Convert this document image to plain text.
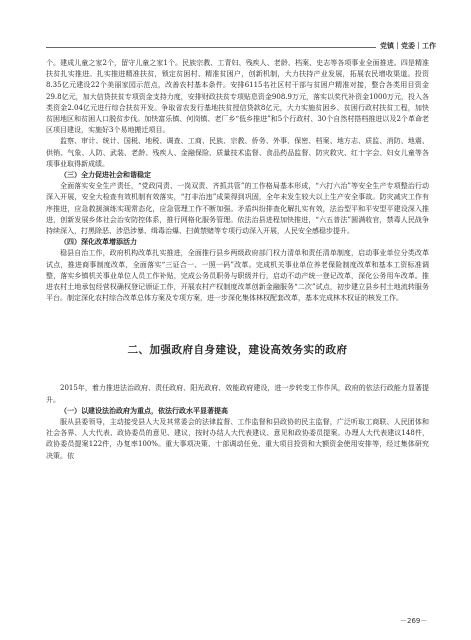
党镇｜党委｜工作

个。建成儿童之家2个，留守儿童之家1个。民族宗教、工青妇、残疾人、老龄、档案、史志等各项事业全面推进。四是精准扶贫扎实推进。扎实推进精准扶贫，锁定贫困村、精准贫困户，创新机制，大力扶持产业发展，拓展农民增收渠道。投资8.35亿元建设22个美丽家园示范点，改善农村基本条件。安排6115名社区村干部与贫困户精准对接，整合各类用目资金29.8亿元，加大信贷扶贫专项资金支持力度，安排财政扶贫专项贴息资金908.9万元，落实以奖代补资金1000万元，投入各类资金2.04亿元进行综合扶贫开发。争取省农发行基地扶贫授信贷款8亿元，大力实施贫困乡、贫困行政村扶贫工程，加快贫困地区和贫困人口脱贫步伐。加快富乐镇、何岗镇、老厂乡“低乡推进”和5个行政村、30个自然村搭档推进以及2个革命老区项目建设，实施好3个易地搬迁项目。

监察、审计、统计、国税、地税、调查、工商、民族、宗教、侨务、外事、保密、档案、地方志、质监、消防、地震、供销、气象、人防、武装、老龄、残疾人、金融保险、质量技术监督、食品药品监督、防灾救灾、红十字会、妇女儿童等各项事业取得新成绩。

（三）全力促进社会和谐稳定

全面落实安全生产责任，“党政同责、一岗双责、齐抓共管”的工作格局基本形成，“六打六治”等安全生产专项整治行动深入开展，安全大检查有效机制有效落实，“打非治违”成果得到巩固，全年未发生较大以上生产安全事故。防灾减灾工作有序推进，应急救援演练实现常态化，应急管理工作不断加强。矛盾纠纷排查化解扎实有效，法治型平和平安型平建设深入推进，创新发展乡体社会治安防控体系，推行网格化服务管理。依法治县进程加快推进，“六五普法”圆满收官，禁毒人民战争持续深入，打黑除恶、涉恐涉暴、缉毒治爆、扫黄禁赌等专项行动深入开展，人民安全感稳步提升。

（四）深化改革增添活力

稳县自治工作，政府机构改革扎实推进，全面推行县乡两级政府部门权力清单和责任清单制度，启动事业单位分类改革试点，推进商事制度改革，全面落实“三证合一、一照一码”改革。完成机关事业单位养老保险制度改革和基本工资标准调整，落实乡镇机关事业单位人员工作补贴，完成公务员职务与职级并行，启动不动产统一登记改革，深化公务用车改革。推进农村土地承包经营权确权登记颁证工作，开展农村产权制度改革创新金融服务“二次”试点，初步建立县乡村土地流转服务平台。制定深化农村综合改革总体方案及专项方案，进一步深化集体林权配套改革，基本完成林木权证的核发工作。

二、加强政府自身建设，建设高效务实的政府

2015年，着力推进法治政府、责任政府、阳光政府、效能政府建设，进一步转变工作作风，政府的依法行政能力显著提升。

（一）以建设法治政府为重点，依法行政水平显著提高

服从县委领导，主动接受县人大及其常委会的法律监督、工作监督和县政协的民主监督，广泛听取工商联、人民团体和社会各界、人大代表、政协委员的意见、建议，按时办结人大代表建议、意见和政协委员提案。办理人大代表建议148件，政协委员提案122件，办复率100%。重大事项决策、十部调动任免、重大项目投资和大额资金使用安排等，经过集体研究决策。依

－269－
